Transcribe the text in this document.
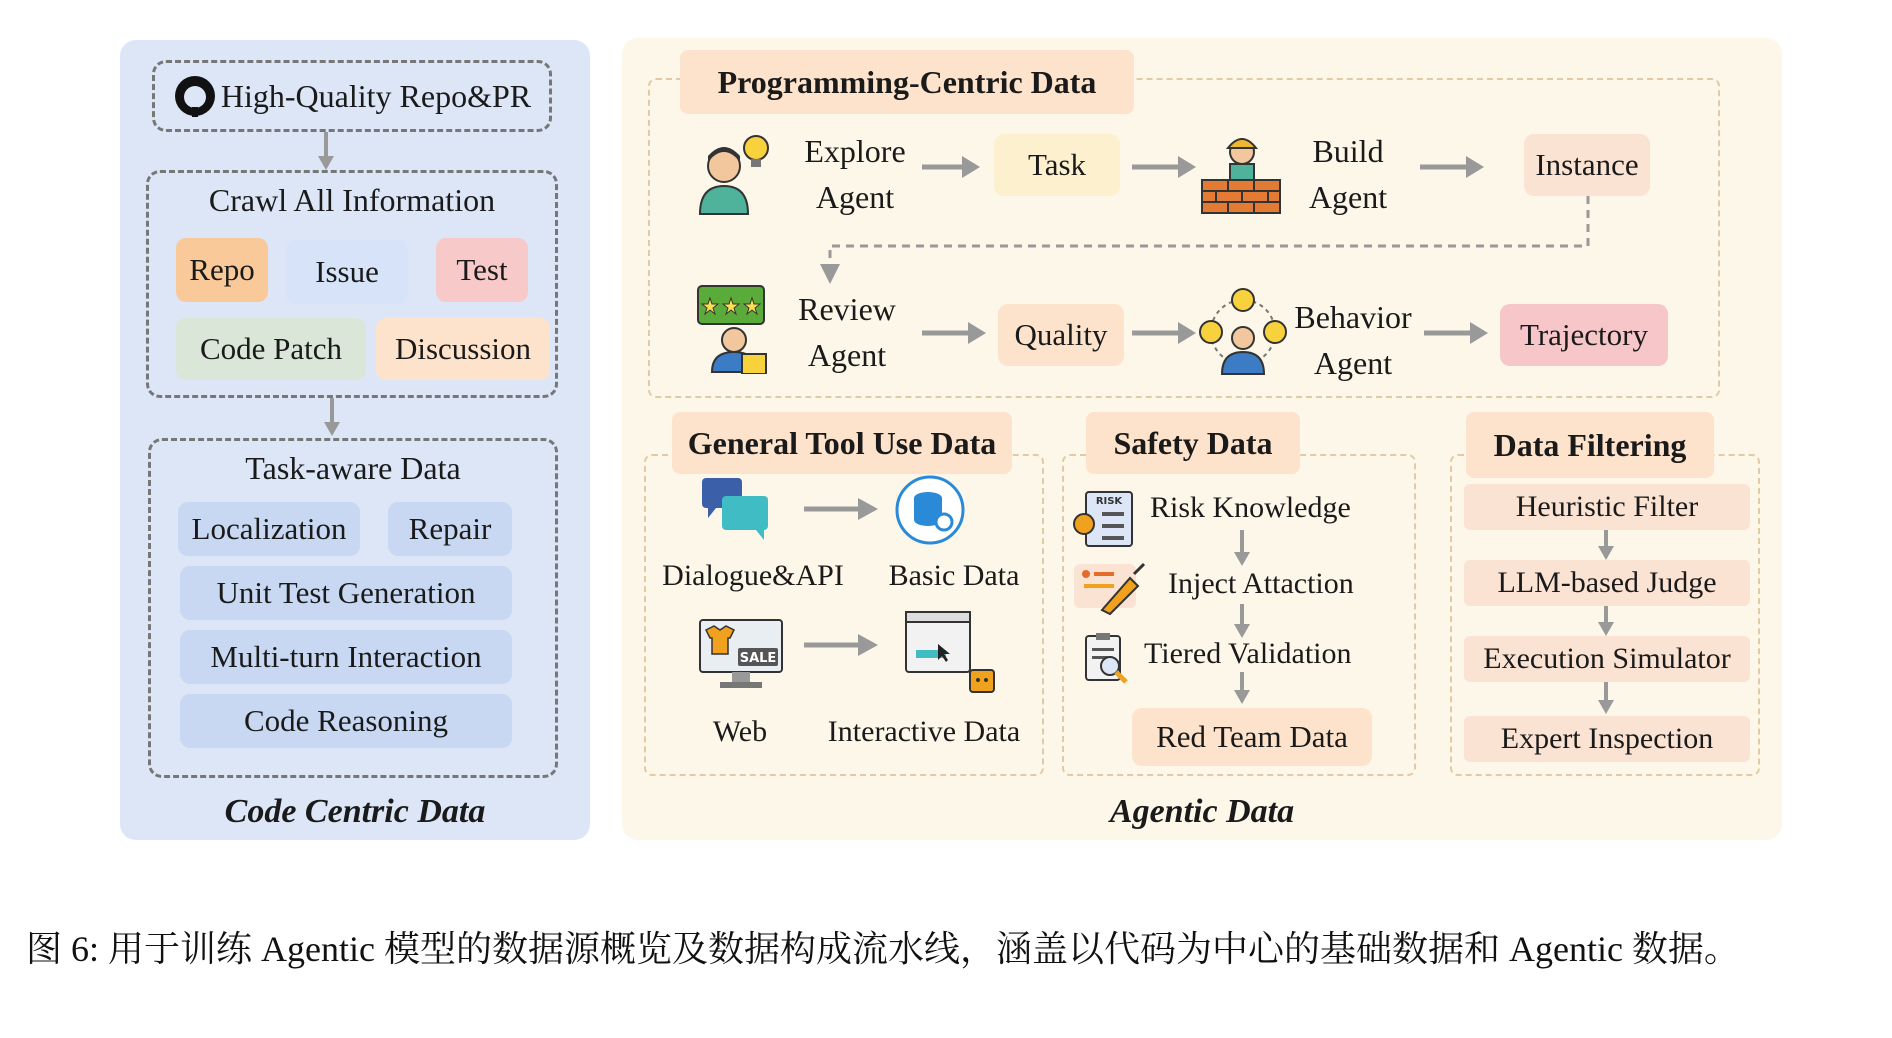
High-Quality Repo&PR
Crawl All Information
Repo	Issue	Test
Code Patch	Discussion
Task-aware Data
Localization	Repair
Unit Test Generation
Multi-turn Interaction
Code Reasoning
Code Centric Data
Programming-Centric Data
Explore
Agent
Task	Build
Agent
Instance
Review
Agent
Quality	Behavior
Agent
Trajectory
General Tool Use Data
Dialogue&API	Basic Data
SALE
Web	Interactive Data
Safety Data
RISK Risk Knowledge
Inject Attaction
Tiered Validation
Red Team Data
Data Filtering
Heuristic Filter
LLM-based Judge
Execution Simulator
Expert Inspection
Agentic Data
图 6: 用于训练 Agentic 模型的数据源概览及数据构成流水线，涵盖以代码为中心的基础数据和 Agentic 数据。
